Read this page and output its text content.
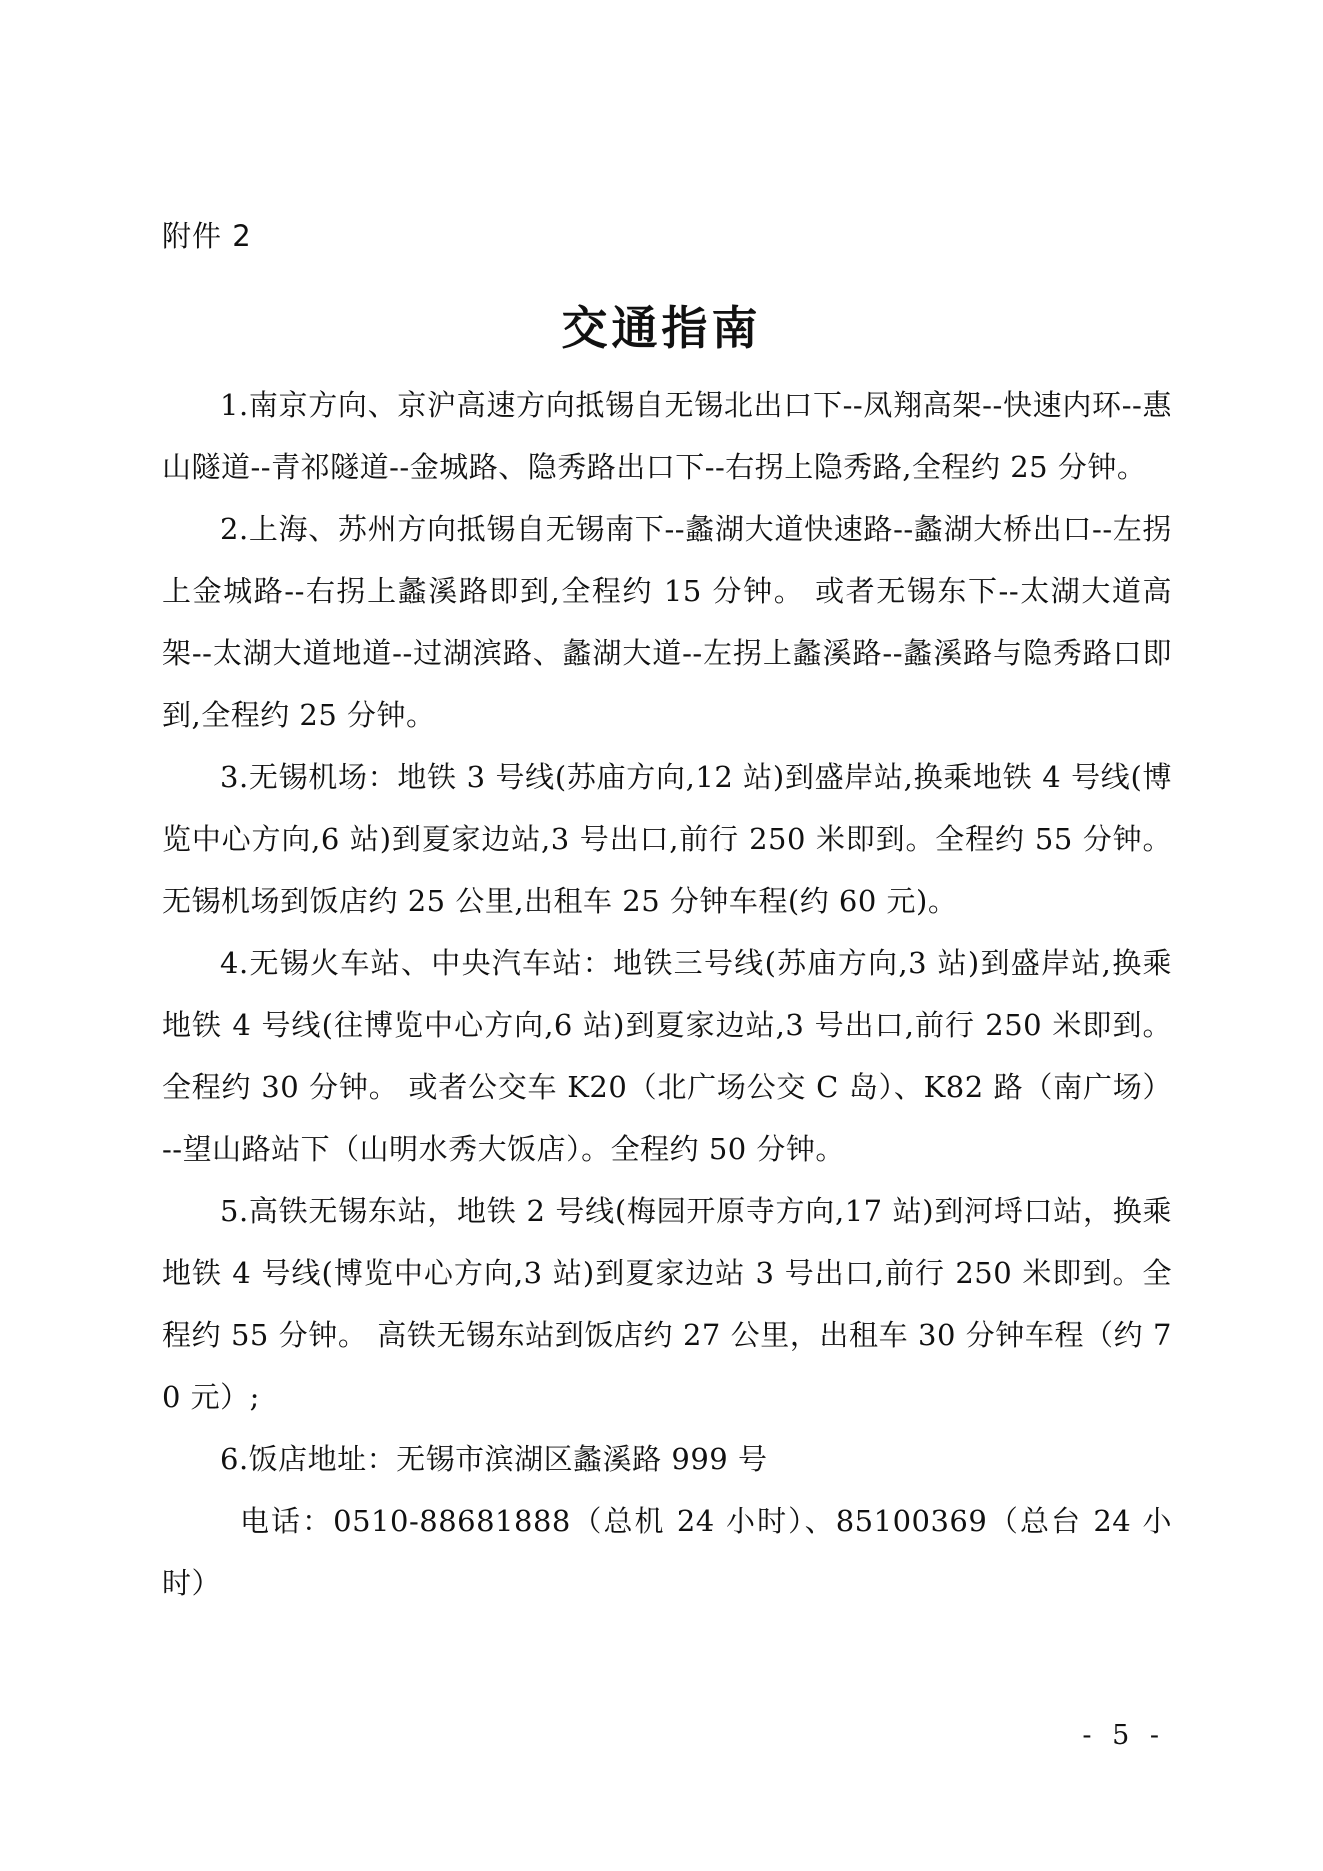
附件 2
交通指南

1.南京方向、京沪高速方向抵锡自无锡北出口下--凤翔高架--快速内环--惠山隧道--青祁隧道--金城路、隐秀路出口下--右拐上隐秀路,全程约 25 分钟。

2.上海、苏州方向抵锡自无锡南下--蠡湖大道快速路--蠡湖大桥出口--左拐上金城路--右拐上蠡溪路即到,全程约 15 分钟。 或者无锡东下--太湖大道高架--太湖大道地道--过湖滨路、蠡湖大道--左拐上蠡溪路--蠡溪路与隐秀路口即到,全程约 25 分钟。

3.无锡机场：地铁 3 号线(苏庙方向,12 站)到盛岸站,换乘地铁 4 号线(博览中心方向,6 站)到夏家边站,3 号出口,前行 250 米即到。全程约 55 分钟。无锡机场到饭店约 25 公里,出租车 25 分钟车程(约 60 元)。

4.无锡火车站、中央汽车站：地铁三号线(苏庙方向,3 站)到盛岸站,换乘地铁 4 号线(往博览中心方向,6 站)到夏家边站,3 号出口,前行 250 米即到。全程约 30 分钟。 或者公交车 K20（北广场公交 C 岛）、K82 路（南广场）--望山路站下（山明水秀大饭店）。全程约 50 分钟。

5.高铁无锡东站，地铁 2 号线(梅园开原寺方向,17 站)到河埒口站，换乘地铁 4 号线(博览中心方向,3 站)到夏家边站 3 号出口,前行 250 米即到。全程约 55 分钟。 高铁无锡东站到饭店约 27 公里，出租车 30 分钟车程（约 70 元）;

6.饭店地址：无锡市滨湖区蠡溪路 999 号

电话：0510-88681888（总机 24 小时）、85100369（总台 24 小时）

- 5 -
